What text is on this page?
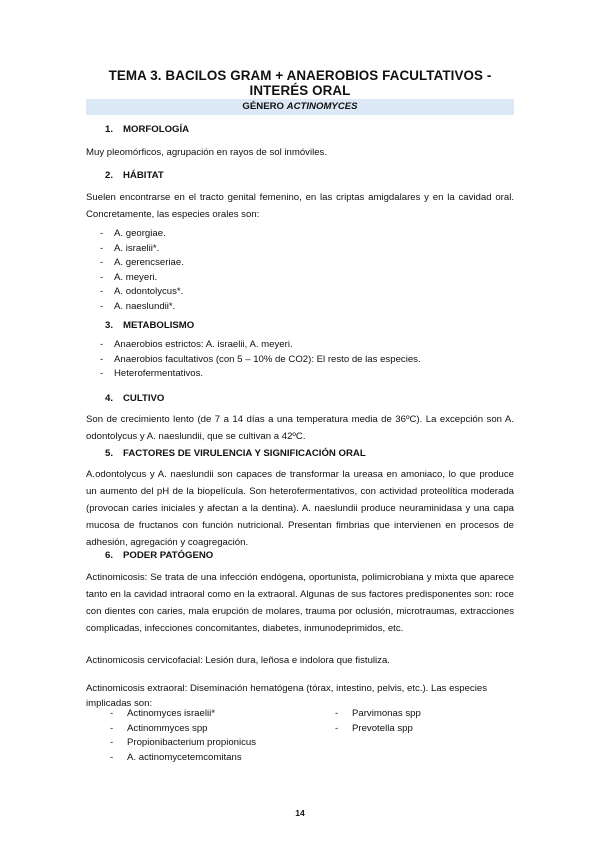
TEMA 3. BACILOS GRAM + ANAEROBIOS FACULTATIVOS - INTERÉS ORAL
GÉNERO ACTINOMYCES
1. MORFOLOGÍA
Muy pleomórficos, agrupación en rayos de sol inmóviles.
2. HÁBITAT
Suelen encontrarse en el tracto genital femenino, en las criptas amigdalares y en la cavidad oral. Concretamente, las especies orales son:
- A. georgiae.
- A. israelii*.
- A. gerencseriae.
- A. meyeri.
- A. odontolycus*.
- A. naeslundii*.
3. METABOLISMO
- Anaerobios estrictos: A. israelii, A. meyeri.
- Anaerobios facultativos (con 5 – 10% de CO2): El resto de las especies.
- Heterofermentativos.
4. CULTIVO
Son de crecimiento lento (de 7 a 14 días a una temperatura media de 36ºC). La excepción son A. odontolycus y A. naeslundii, que se cultivan a 42ºC.
5. FACTORES DE VIRULENCIA Y SIGNIFICACIÓN ORAL
A.odontolycus y A. naeslundii son capaces de transformar la ureasa en amoniaco, lo que produce un aumento del pH de la biopelícula. Son heterofermentativos, con actividad proteolítica moderada (provocan caries iniciales y afectan a la dentina). A. naeslundii produce neuraminidasa y una capa mucosa de fructanos con función nutricional. Presentan fimbrias que intervienen en procesos de adhesión, agregación y coagregación.
6. PODER PATÓGENO
Actinomicosis: Se trata de una infección endógena, oportunista, polimicrobiana y mixta que aparece tanto en la cavidad intraoral como en la extraoral. Algunas de sus factores predisponentes son: roce con dientes con caries, mala erupción de molares, trauma por oclusión, microtraumas, extracciones complicadas, infecciones concomitantes, diabetes, inmunodeprimidos, etc.
Actinomicosis cervicofacial: Lesión dura, leñosa e indolora que fistuliza.
Actinomicosis extraoral: Diseminación hematógena (tórax, intestino, pelvis, etc.). Las especies implicadas son:
- Actinomyces israelii*
- Actinommyces spp
- Propionibacterium propionicus
- A. actinomycetemcomitans
- Parvimonas spp
- Prevotella spp
14
